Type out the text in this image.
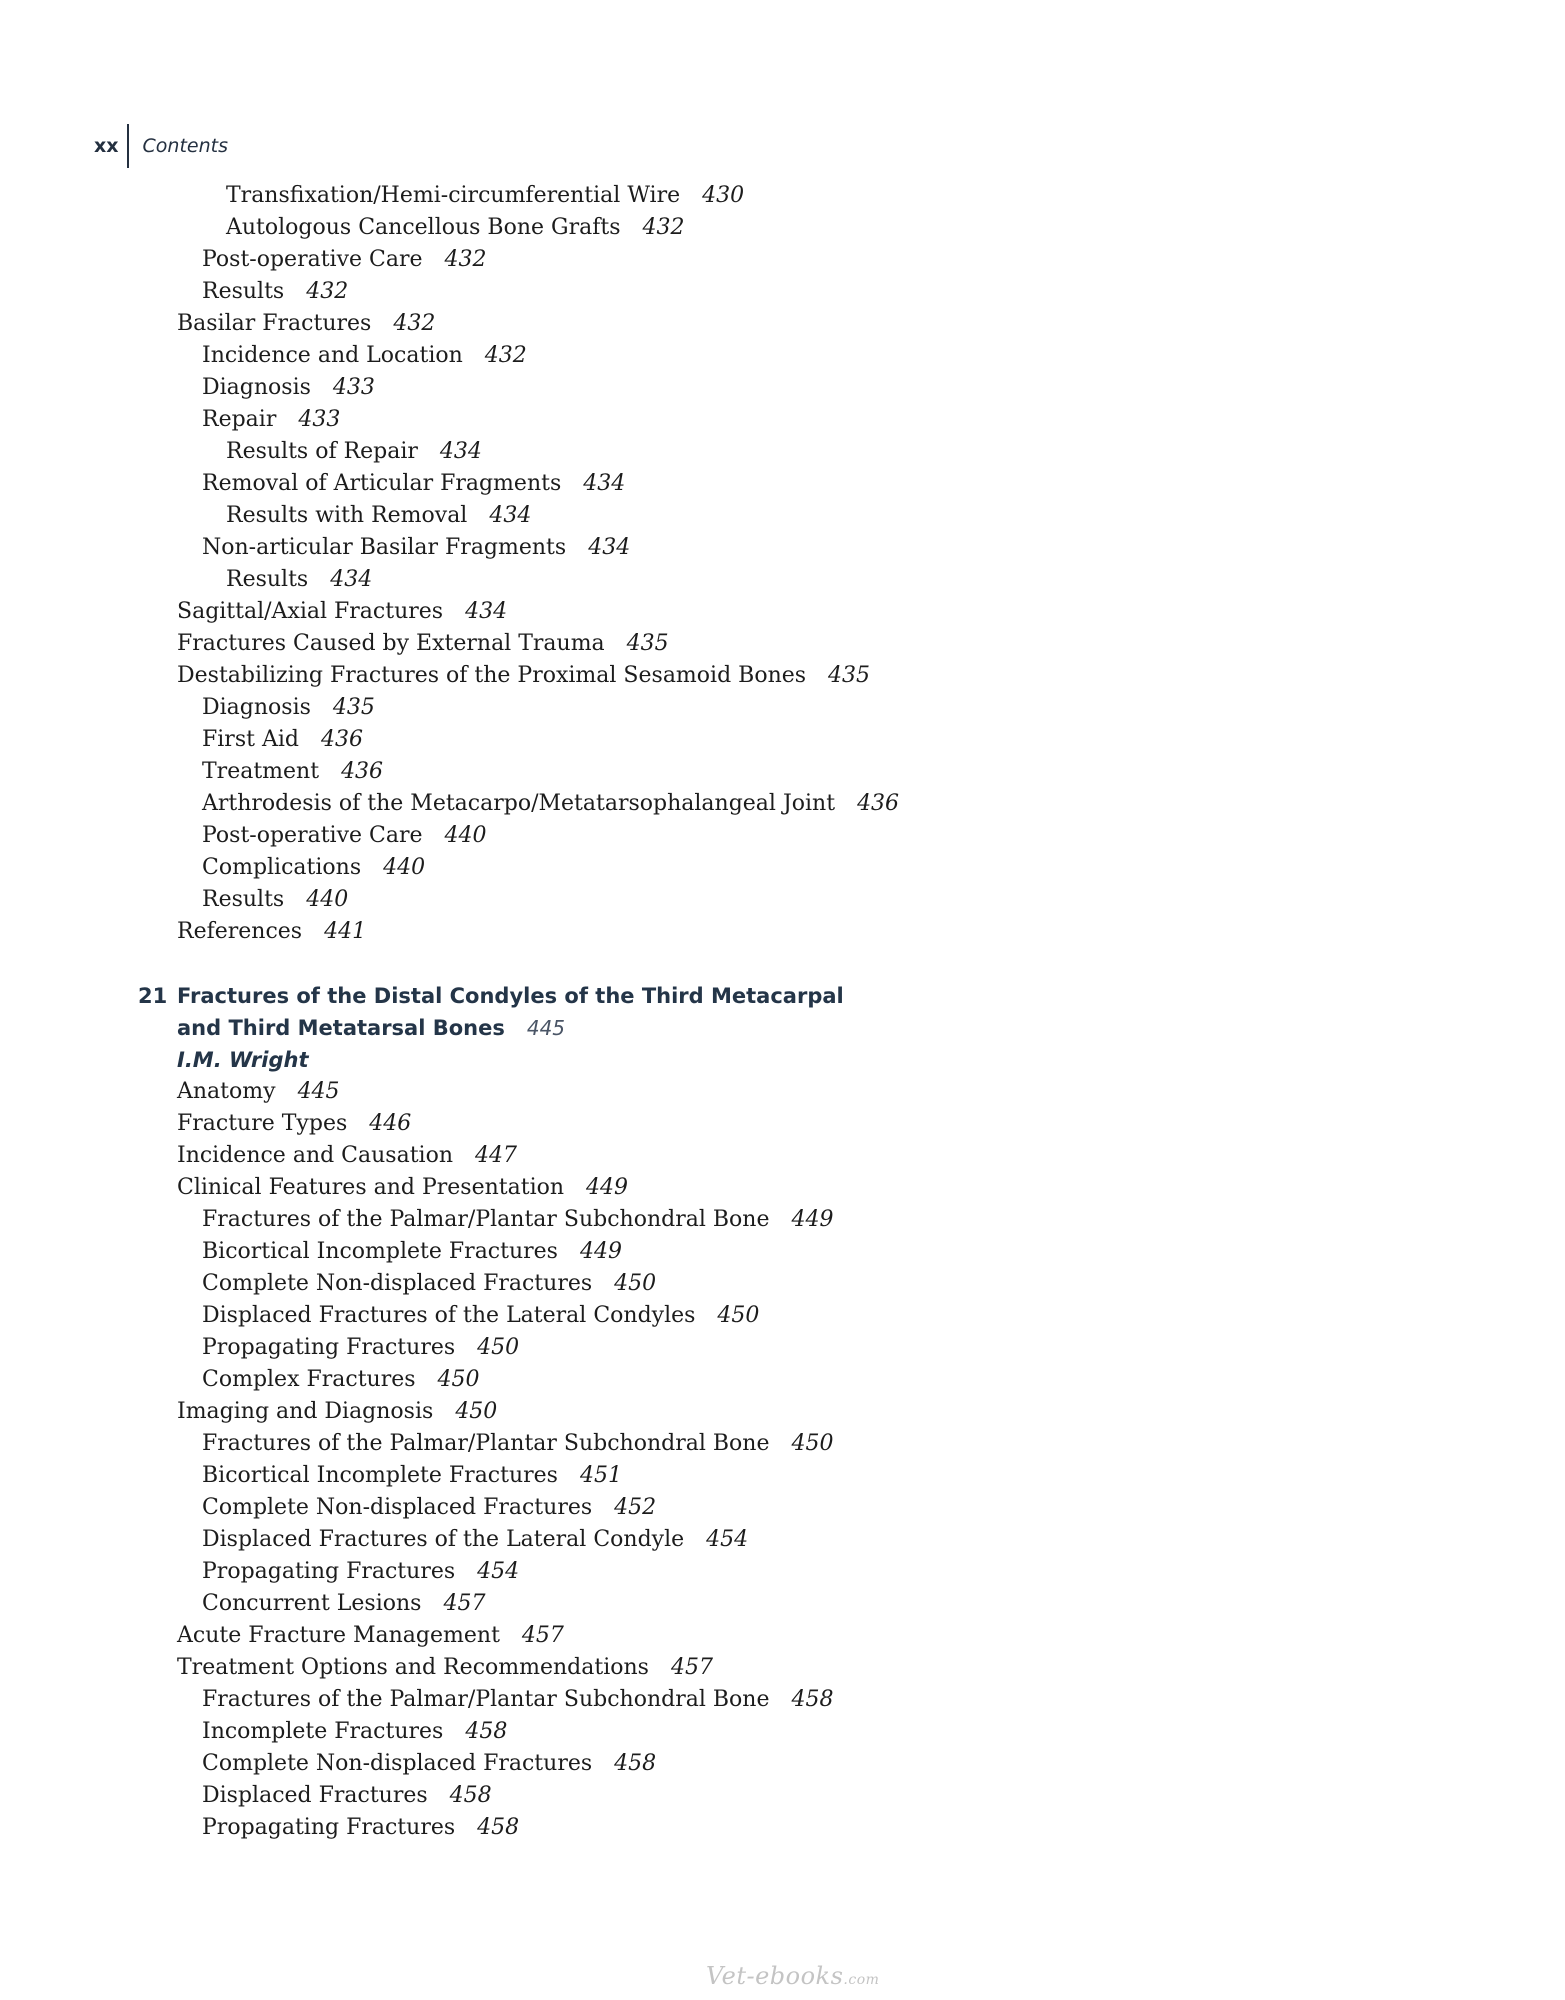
xx	Contents
Transfixation/Hemi-circumferential Wire 430
Autologous Cancellous Bone Grafts 432
Post-operative Care 432
Results 432
Basilar Fractures 432
Incidence and Location 432
Diagnosis 433
Repair 433
Results of Repair 434
Removal of Articular Fragments 434
Results with Removal 434
Non-articular Basilar Fragments 434
Results 434
Sagittal/Axial Fractures 434
Fractures Caused by External Trauma 435
Destabilizing Fractures of the Proximal Sesamoid Bones 435
Diagnosis 435
First Aid 436
Treatment 436
Arthrodesis of the Metacarpo/Metatarsophalangeal Joint 436
Post-operative Care 440
Complications 440
Results 440
References 441
21 Fractures of the Distal Condyles of the Third Metacarpal
and Third Metatarsal Bones 445
I.M. Wright
Anatomy 445
Fracture Types 446
Incidence and Causation 447
Clinical Features and Presentation 449
Fractures of the Palmar/Plantar Subchondral Bone 449
Bicortical Incomplete Fractures 449
Complete Non-displaced Fractures 450
Displaced Fractures of the Lateral Condyles 450
Propagating Fractures 450
Complex Fractures 450
Imaging and Diagnosis 450
Fractures of the Palmar/Plantar Subchondral Bone 450
Bicortical Incomplete Fractures 451
Complete Non-displaced Fractures 452
Displaced Fractures of the Lateral Condyle 454
Propagating Fractures 454
Concurrent Lesions 457
Acute Fracture Management 457
Treatment Options and Recommendations 457
Fractures of the Palmar/Plantar Subchondral Bone 458
Incomplete Fractures 458
Complete Non-displaced Fractures 458
Displaced Fractures 458
Propagating Fractures 458
Vet-ebooks.com
